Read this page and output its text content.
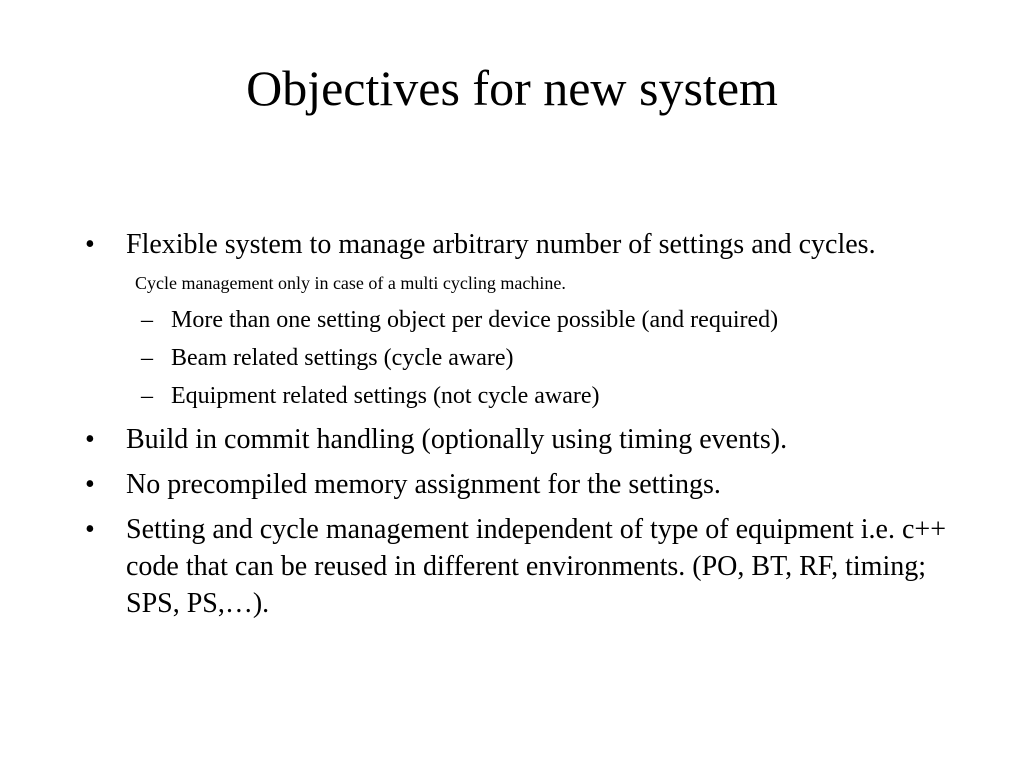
Objectives for new system
• Flexible system to manage arbitrary number of settings and cycles.
Cycle management only in case of a multi cycling machine.
– More than one setting object per device possible (and required)
– Beam related settings (cycle aware)
– Equipment related settings (not cycle aware)
• Build in commit handling (optionally using timing events).
• No precompiled memory assignment for the settings.
• Setting and cycle management independent of type of equipment i.e. c++ code that can be reused in different environments. (PO, BT, RF, timing; SPS, PS,…).
